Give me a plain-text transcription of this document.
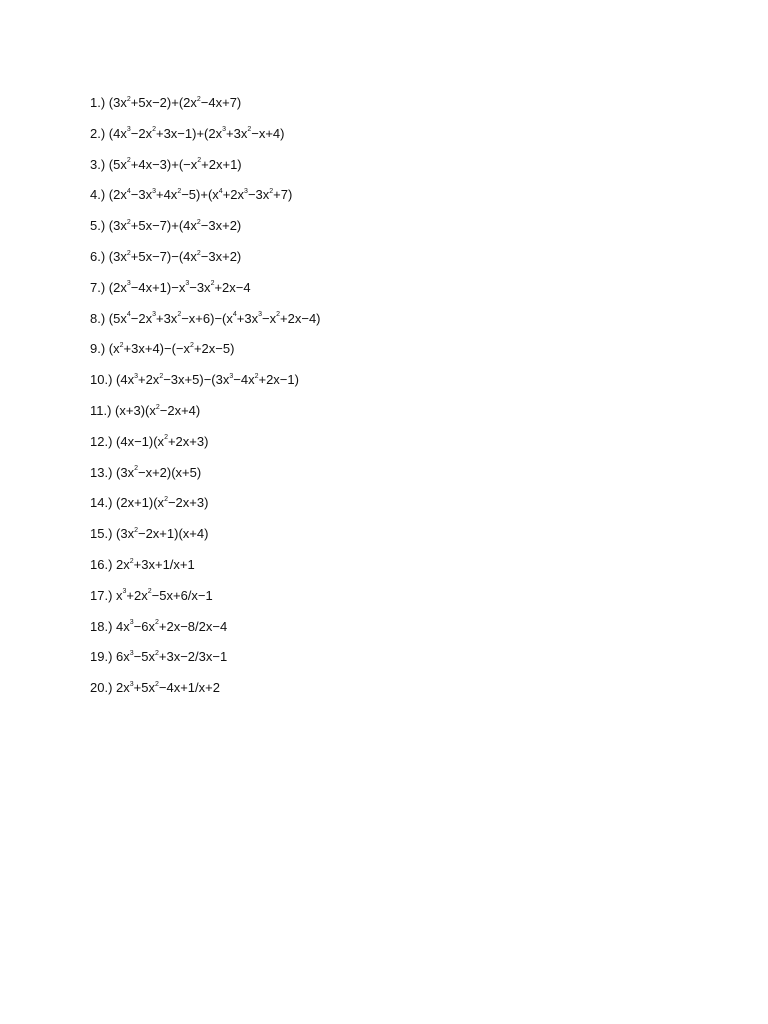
1.) $(3x^2+5x-2)+(2x^2-4x+7)$
2.) $(4x^3-2x^2+3x-1)+(2x^3+3x^2-x+4)$
3.) $(5x^2+4x-3)+(-x^2+2x+1)$
4.) $(2x^4-3x^3+4x^2-5)+(x^4+2x^3-3x^2+7)$
5.) $(3x^2+5x-7)+(4x^2-3x+2)$
6.) $(3x^2+5x-7)-(4x^2-3x+2)$
7.) $(2x^3-4x+1)-x^3-3x^2+2x-4$
8.) $(5x^4-2x^3+3x^2-x+6)-(x^4+3x^3-x^2+2x-4)$
9.) $(x^2+3x+4)-(-x^2+2x-5)$
10.) $(4x^3+2x^2-3x+5)-(3x^3-4x^2+2x-1)$
11.) $(x+3)(x^2-2x+4)$
12.) $(4x-1)(x^2+2x+3)$
13.) $(3x^2-x+2)(x+5)$
14.) $(2x+1)(x^2-2x+3)$
15.) $(3x^2-2x+1)(x+4)$
16.) $2x^2+3x+1/x+1$
17.) $x^3+2x^2-5x+6/x-1$
18.) $4x^3-6x^2+2x-8/2x-4$
19.) $6x^3-5x^2+3x-2/3x-1$
20.) $2x^3+5x^2-4x+1/x+2$
